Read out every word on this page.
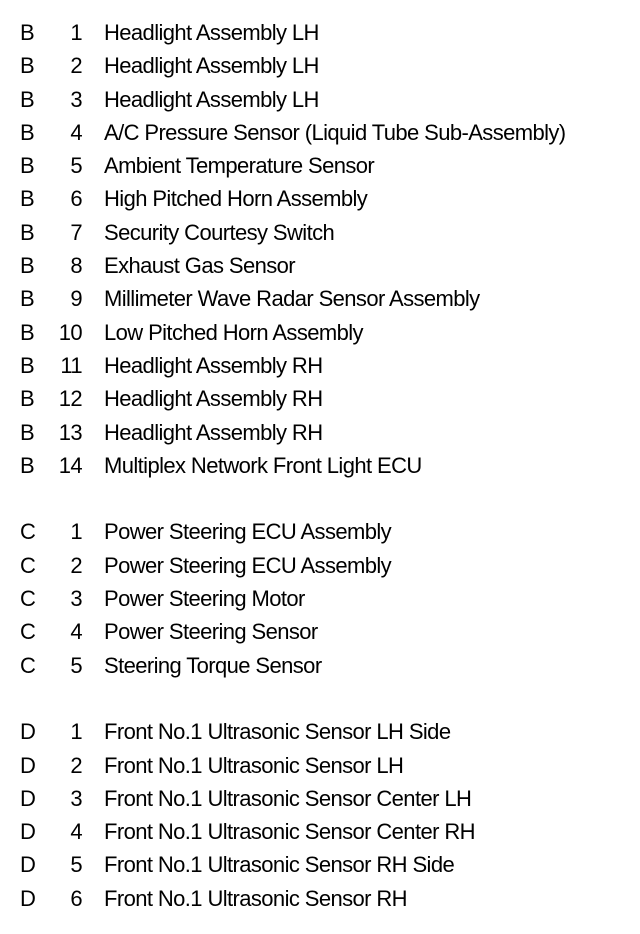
B	1 Headlight Assembly LH
B	2 Headlight Assembly LH
B	3 Headlight Assembly LH
B	4 A/C Pressure Sensor (Liquid Tube Sub-Assembly)
B	5 Ambient Temperature Sensor
B	6 High Pitched Horn Assembly
B	7 Security Courtesy Switch
B	8 Exhaust Gas Sensor
B	9 Millimeter Wave Radar Sensor Assembly
B	10 Low Pitched Horn Assembly
B	11 Headlight Assembly RH
B	12 Headlight Assembly RH
B	13 Headlight Assembly RH
B	14 Multiplex Network Front Light ECU
C	1 Power Steering ECU Assembly
C	2 Power Steering ECU Assembly
C	3 Power Steering Motor
C	4 Power Steering Sensor
C	5 Steering Torque Sensor
D	1 Front No.1 Ultrasonic Sensor LH Side
D	2 Front No.1 Ultrasonic Sensor LH
D	3 Front No.1 Ultrasonic Sensor Center LH
D	4 Front No.1 Ultrasonic Sensor Center RH
D	5 Front No.1 Ultrasonic Sensor RH Side
D	6 Front No.1 Ultrasonic Sensor RH
